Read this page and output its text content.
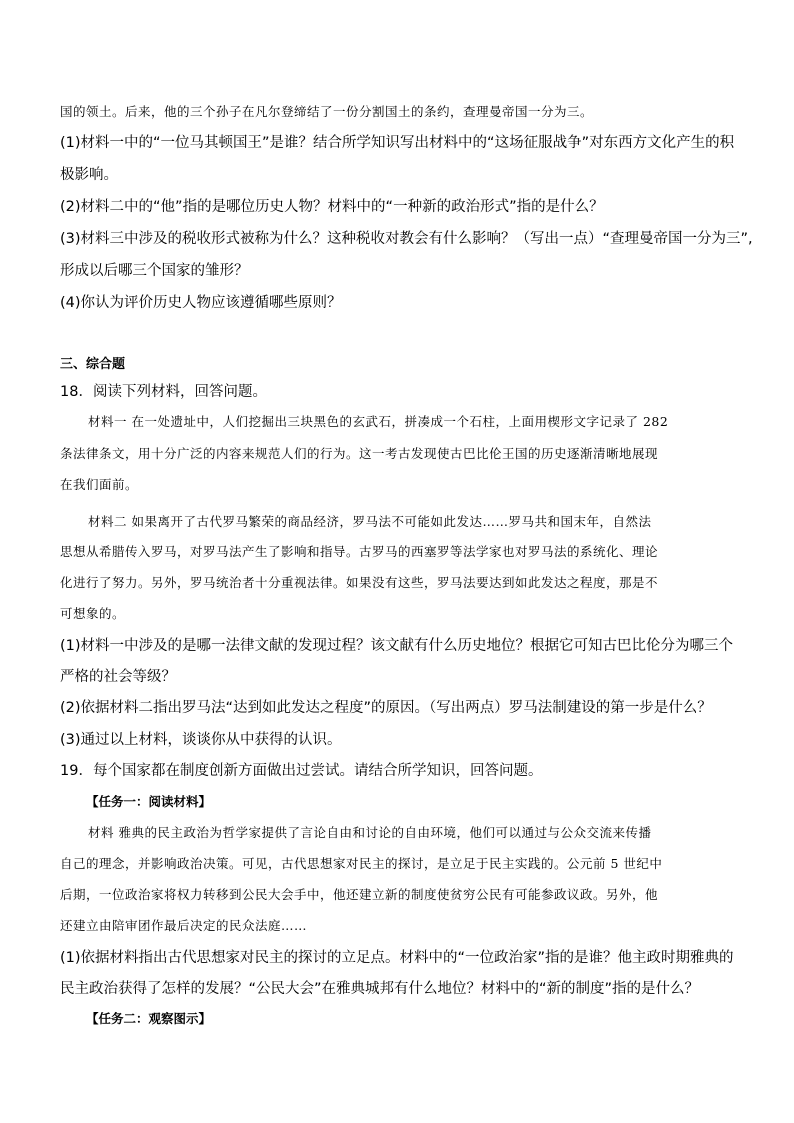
国的领土。后来，他的三个孙子在凡尔登缔结了一份分割国土的条约，查理曼帝国一分为三。
(1)材料一中的“一位马其顿国王”是谁？结合所学知识写出材料中的“这场征服战争”对东西方文化产生的积
极影响。
(2)材料二中的“他”指的是哪位历史人物？材料中的“一种新的政治形式”指的是什么？
(3)材料三中涉及的税收形式被称为什么？这种税收对教会有什么影响？（写出一点）“查理曼帝国一分为三”,
形成以后哪三个国家的雏形？
(4)你认为评价历史人物应该遵循哪些原则？
三、综合题
18．阅读下列材料，回答问题。
材料一 在一处遗址中，人们挖掘出三块黑色的玄武石，拼凑成一个石柱，上面用楔形文字记录了 282
条法律条文，用十分广泛的内容来规范人们的行为。这一考古发现使古巴比伦王国的历史逐渐清晰地展现
在我们面前。
材料二 如果离开了古代罗马繁荣的商品经济，罗马法不可能如此发达……罗马共和国末年，自然法
思想从希腊传入罗马，对罗马法产生了影响和指导。古罗马的西塞罗等法学家也对罗马法的系统化、理论
化进行了努力。另外，罗马统治者十分重视法律。如果没有这些，罗马法要达到如此发达之程度，那是不
可想象的。
(1)材料一中涉及的是哪一法律文献的发现过程？该文献有什么历史地位？根据它可知古巴比伦分为哪三个
严格的社会等级？
(2)依据材料二指出罗马法“达到如此发达之程度”的原因。（写出两点）罗马法制建设的第一步是什么？
(3)通过以上材料，谈谈你从中获得的认识。
19．每个国家都在制度创新方面做出过尝试。请结合所学知识，回答问题。
【任务一：阅读材料】
材料 雅典的民主政治为哲学家提供了言论自由和讨论的自由环境，他们可以通过与公众交流来传播
自己的理念，并影响政治决策。可见，古代思想家对民主的探讨，是立足于民主实践的。公元前 5 世纪中
后期，一位政治家将权力转移到公民大会手中，他还建立新的制度使贫穷公民有可能参政议政。另外，他
还建立由陪审团作最后决定的民众法庭……
(1)依据材料指出古代思想家对民主的探讨的立足点。材料中的“一位政治家”指的是谁？他主政时期雅典的
民主政治获得了怎样的发展？“公民大会”在雅典城邦有什么地位？材料中的“新的制度”指的是什么？
【任务二：观察图示】
